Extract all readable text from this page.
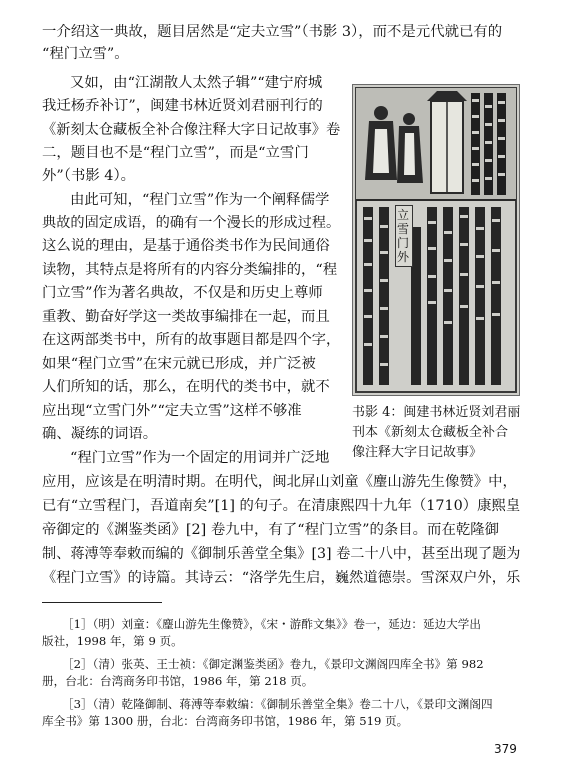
一介绍这一典故，题目居然是“定夫立雪”（书影 3），而不是元代就已有的
“程门立雪”。
又如，由“江湖散人太然子辑”“建宁府城
我迁杨乔补订”，闽建书林近贤刘君丽刊行的
《新刻太仓藏板全补合像注释大字日记故事》卷
二，题目也不是“程门立雪”，而是“立雪门
外”（书影 4）。
由此可知，“程门立雪”作为一个阐释儒学
典故的固定成语，的确有一个漫长的形成过程。
这么说的理由，是基于通俗类书作为民间通俗
读物，其特点是将所有的内容分类编排的，“程
门立雪”作为著名典故，不仅是和历史上尊师
重教、勤奋好学这一类故事编排在一起，而且
在这两部类书中，所有的故事题目都是四个字，
如果“程门立雪”在宋元就已形成，并广泛被
人们所知的话，那么，在明代的类书中，就不
应出现“立雪门外”“定夫立雪”这样不够准
确、凝练的词语。
“程门立雪”作为一个固定的用词并广泛地
应用，应该是在明清时期。在明代，闽北屏山刘童《麈山游先生像赞》中，
已有“立雪程门，吾道南矣”[1] 的句子。在清康熙四十九年（1710）康熙皇
帝御定的《渊鉴类函》[2] 卷九中，有了“程门立雪”的条目。而在乾隆御
制、蒋溥等奉敕而编的《御制乐善堂全集》[3] 卷二十八中，甚至出现了题为
《程门立雪》的诗篇。其诗云：“洛学先生启，巍然道德崇。雪深双户外，乐
立雪门外
书影 4：闽建书林近贤刘君丽
刊本《新刻太仓藏板全补合
像注释大字日记故事》
［1］（明）刘童：《麈山游先生像赞》，《宋・游酢文集》》卷一，延边：延边大学出
版社，1998 年，第 9 页。
［2］（清）张英、王士祯：《御定渊鉴类函》卷九，《景印文渊阁四库全书》第 982
册，台北：台湾商务印书馆，1986 年，第 218 页。
［3］（清）乾隆御制、蒋溥等奉敕编：《御制乐善堂全集》卷二十八，《景印文渊阁四
库全书》第 1300 册，台北：台湾商务印书馆，1986 年，第 519 页。
379
